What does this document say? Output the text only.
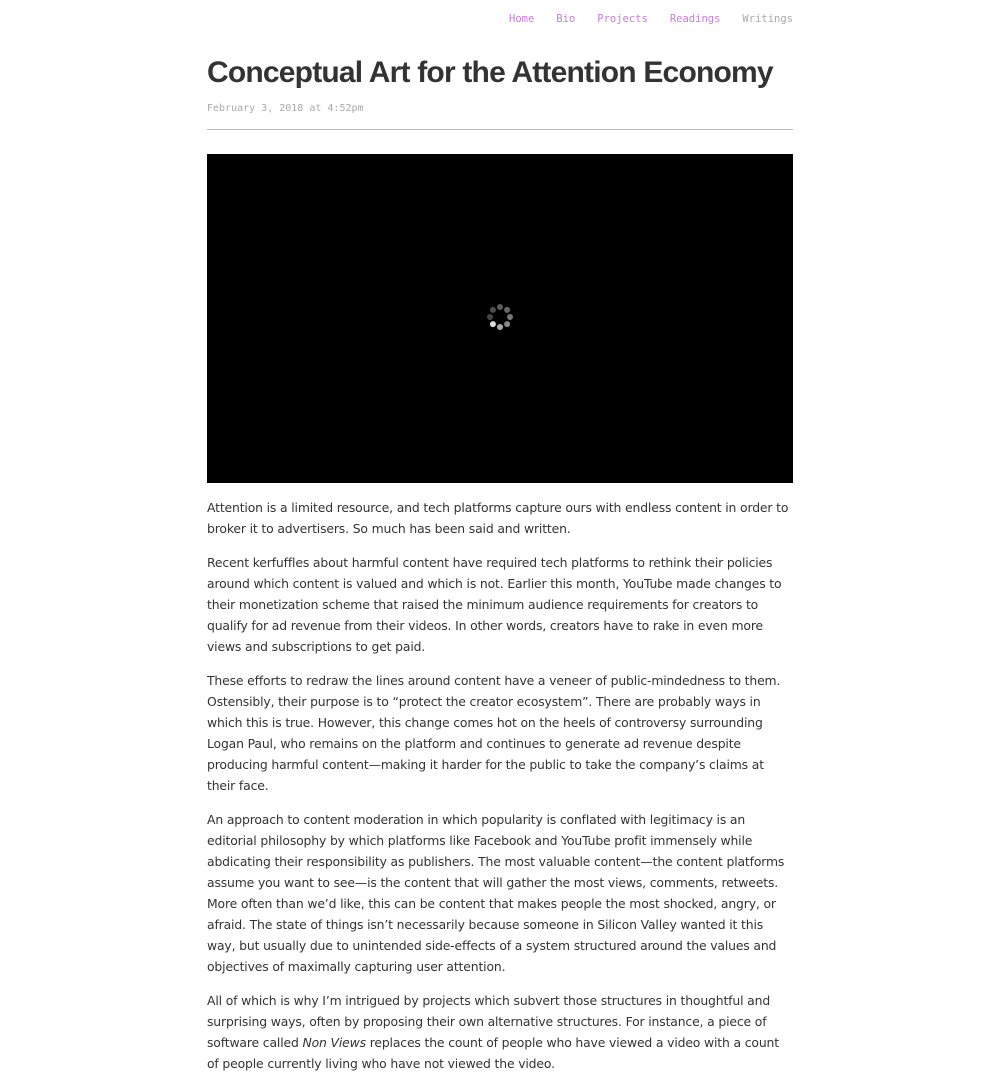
Home Bio Projects Readings Writings
Conceptual Art for the Attention Economy
February 3, 2018 at 4:52pm

Attention is a limited resource, and tech platforms capture ours with endless content in order to broker it to advertisers. So much has been said and written.

Recent kerfuffles about harmful content have required tech platforms to rethink their policies around which content is valued and which is not. Earlier this month, YouTube made changes to their monetization scheme that raised the minimum audience requirements for creators to qualify for ad revenue from their videos. In other words, creators have to rake in even more views and subscriptions to get paid.

These efforts to redraw the lines around content have a veneer of public-mindedness to them. Ostensibly, their purpose is to “protect the creator ecosystem”. There are probably ways in which this is true. However, this change comes hot on the heels of controversy surrounding Logan Paul, who remains on the platform and continues to generate ad revenue despite producing harmful content—making it harder for the public to take the company’s claims at their face.

An approach to content moderation in which popularity is conflated with legitimacy is an editorial philosophy by which platforms like Facebook and YouTube profit immensely while abdicating their responsibility as publishers. The most valuable content—the content platforms assume you want to see—is the content that will gather the most views, comments, retweets. More often than we’d like, this can be content that makes people the most shocked, angry, or afraid. The state of things isn’t necessarily because someone in Silicon Valley wanted it this way, but usually due to unintended side-effects of a system structured around the values and objectives of maximally capturing user attention.

All of which is why I’m intrigued by projects which subvert those structures in thoughtful and surprising ways, often by proposing their own alternative structures. For instance, a piece of software called Non Views replaces the count of people who have viewed a video with a count of people currently living who have not viewed the video.
